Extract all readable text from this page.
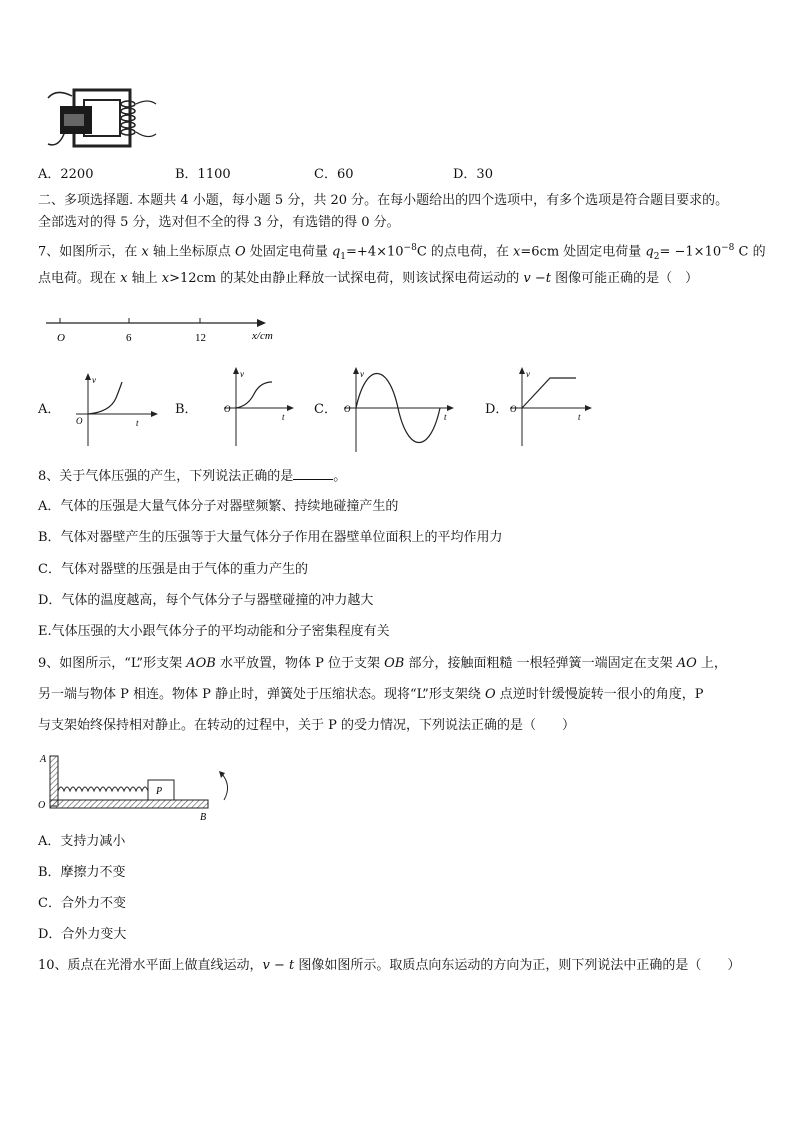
A．2200	B．1100	C．60	D．30
二、多项选择题. 本题共 4 小题，每小题 5 分，共 20 分。在每小题给出的四个选项中，有多个选项是符合题目要求的。
全部选对的得 5 分，选对但不全的得 3 分，有选错的得 0 分。
7、如图所示，在 x 轴上坐标原点 O 处固定电荷量 $q_1=+4\times 10^{-8}C$ 的点电荷，在 x=6cm 处固定电荷量 $q_2= -1\times 10^{-8}$ C 的
点电荷。现在 x 轴上 x>12cm 的某处由静止释放一试探电荷，则该试探电荷运动的 v −t 图像可能正确的是（　）
O	6	12	x/cm
A．	B．	C．	D．
v
O	t
v
O
t
v
O
t
v
O
t
8、关于气体压强的产生，下列说法正确的是	。
A．气体的压强是大量气体分子对器壁频繁、持续地碰撞产生的
B．气体对器壁产生的压强等于大量气体分子作用在器壁单位面积上的平均作用力
C．气体对器壁的压强是由于气体的重力产生的
D．气体的温度越高，每个气体分子与器壁碰撞的冲力越大
E.气体压强的大小跟气体分子的平均动能和分子密集程度有关
9、如图所示，“L”形支架 AOB 水平放置，物体 P 位于支架 OB 部分，接触面粗糙 一根轻弹簧一端固定在支架 AO 上，
另一端与物体 P 相连。物体 P 静止时，弹簧处于压缩状态。现将“L”形支架绕 O 点逆时针缓慢旋转一很小的角度，P
与支架始终保持相对静止。在转动的过程中，关于 P 的受力情况，下列说法正确的是（　　）
P
A
O
B
A．支持力减小
B．摩擦力不变
C．合外力不变
D．合外力变大
10、质点在光滑水平面上做直线运动，v − t 图像如图所示。取质点向东运动的方向为正，则下列说法中正确的是（　　）
